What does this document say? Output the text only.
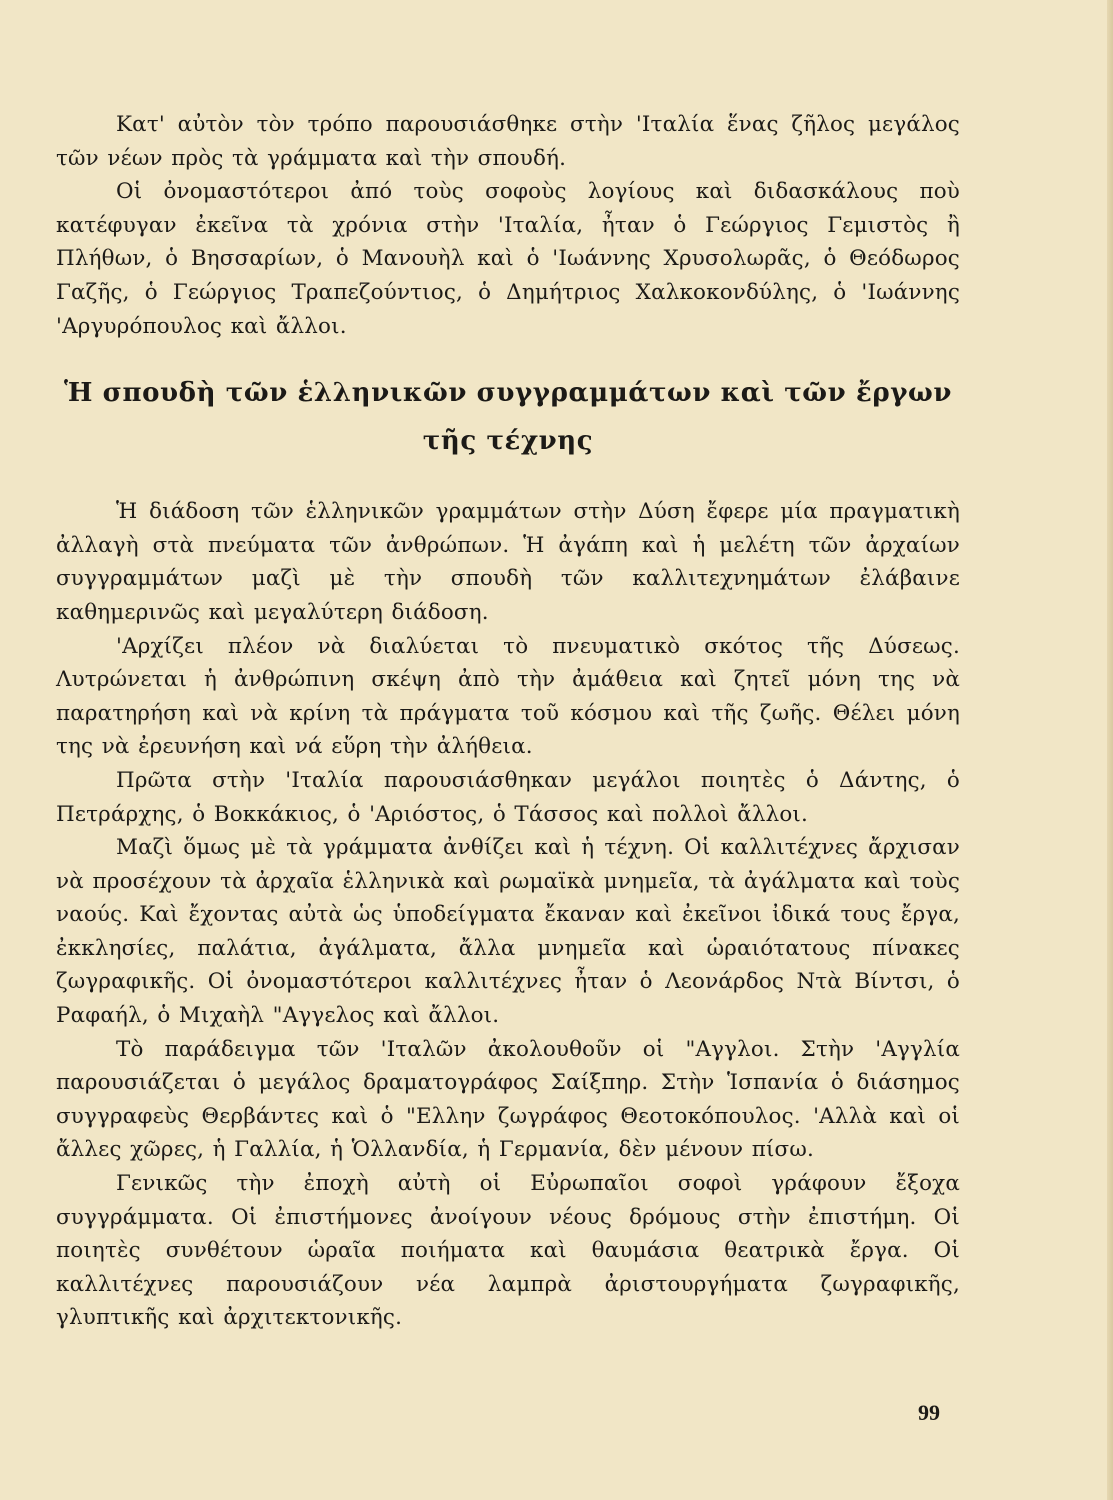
Κατ' αὐτὸν τὸν τρόπο παρουσιάσθηκε στὴν 'Ιταλία ἕνας ζῆλος μεγάλος τῶν νέων πρὸς τὰ γράμματα καὶ τὴν σπουδή.

Οἱ ὀνομαστότεροι ἀπό τοὺς σοφοὺς λογίους καὶ διδασκάλους ποὺ κατέφυγαν ἐκεῖνα τὰ χρόνια στὴν 'Ιταλία, ἦταν ὁ Γεώργιος Γεμιστὸς ἢ Πλήθων, ὁ Βησσαρίων, ὁ Μανουὴλ καὶ ὁ 'Ιωάννης Χρυσολωρᾶς, ὁ Θεόδωρος Γαζῆς, ὁ Γεώργιος Τραπεζούντιος, ὁ Δημήτριος Χαλκοκονδύλης, ὁ 'Ιωάννης 'Αργυρόπουλος καὶ ἄλλοι.

Ἡ σπουδὴ τῶν ἑλληνικῶν συγγραμμάτων καὶ τῶν ἔργων
τῆς τέχνης

Ἡ διάδοση τῶν ἑλληνικῶν γραμμάτων στὴν Δύση ἔφερε μία πραγματικὴ ἀλλαγὴ στὰ πνεύματα τῶν ἀνθρώπων. Ἡ ἀγάπη καὶ ἡ μελέτη τῶν ἀρχαίων συγγραμμάτων μαζὶ μὲ τὴν σπουδὴ τῶν καλλιτεχνημάτων ἐλάβαινε καθημερινῶς καὶ μεγαλύτερη διάδοση.

'Αρχίζει πλέον νὰ διαλύεται τὸ πνευματικὸ σκότος τῆς Δύσεως. Λυτρώνεται ἡ ἀνθρώπινη σκέψη ἀπὸ τὴν ἀμάθεια καὶ ζητεῖ μόνη της νὰ παρατηρήση καὶ νὰ κρίνη τὰ πράγματα τοῦ κόσμου καὶ τῆς ζωῆς. Θέλει μόνη της νὰ ἐρευνήση καὶ νά εὕρη τὴν ἀλήθεια.

Πρῶτα στὴν 'Ιταλία παρουσιάσθηκαν μεγάλοι ποιητὲς ὁ Δάντης, ὁ Πετράρχης, ὁ Βοκκάκιος, ὁ 'Αριόστος, ὁ Τάσσος καὶ πολλοὶ ἄλλοι.

Μαζὶ ὅμως μὲ τὰ γράμματα ἀνθίζει καὶ ἡ τέχνη. Οἱ καλλιτέχνες ἄρχισαν νὰ προσέχουν τὰ ἀρχαῖα ἑλληνικὰ καὶ ρωμαϊκὰ μνημεῖα, τὰ ἀγάλματα καὶ τοὺς ναούς. Καὶ ἔχοντας αὐτὰ ὡς ὑποδείγματα ἔκαναν καὶ ἐκεῖνοι ἰδικά τους ἔργα, ἐκκλησίες, παλάτια, ἀγάλματα, ἄλλα μνημεῖα καὶ ὡραιότατους πίνακες ζωγραφικῆς. Οἱ ὀνομαστότεροι καλλιτέχνες ἦταν ὁ Λεονάρδος Ντὰ Βίντσι, ὁ Ραφαήλ, ὁ Μιχαὴλ "Αγγελος καὶ ἄλλοι.

Τὸ παράδειγμα τῶν 'Ιταλῶν ἀκολουθοῦν οἱ "Αγγλοι. Στὴν 'Αγγλία παρουσιάζεται ὁ μεγάλος δραματογράφος Σαίξπηρ. Στὴν Ἱσπανία ὁ διάσημος συγγραφεὺς Θερβάντες καὶ ὁ "Ελλην ζωγράφος Θεοτοκόπουλος. 'Αλλὰ καὶ οἱ ἄλλες χῶρες, ἡ Γαλλία, ἡ Ὁλλανδία, ἡ Γερμανία, δὲν μένουν πίσω.

Γενικῶς τὴν ἐποχὴ αὐτὴ οἱ Εὐρωπαῖοι σοφοὶ γράφουν ἔξοχα συγγράμματα. Οἱ ἐπιστήμονες ἀνοίγουν νέους δρόμους στὴν ἐπιστήμη. Οἱ ποιητὲς συνθέτουν ὡραῖα ποιήματα καὶ θαυμάσια θεατρικὰ ἔργα. Οἱ καλλιτέχνες παρουσιάζουν νέα λαμπρὰ ἀριστουργήματα ζωγραφικῆς, γλυπτικῆς καὶ ἀρχιτεκτονικῆς.

99
